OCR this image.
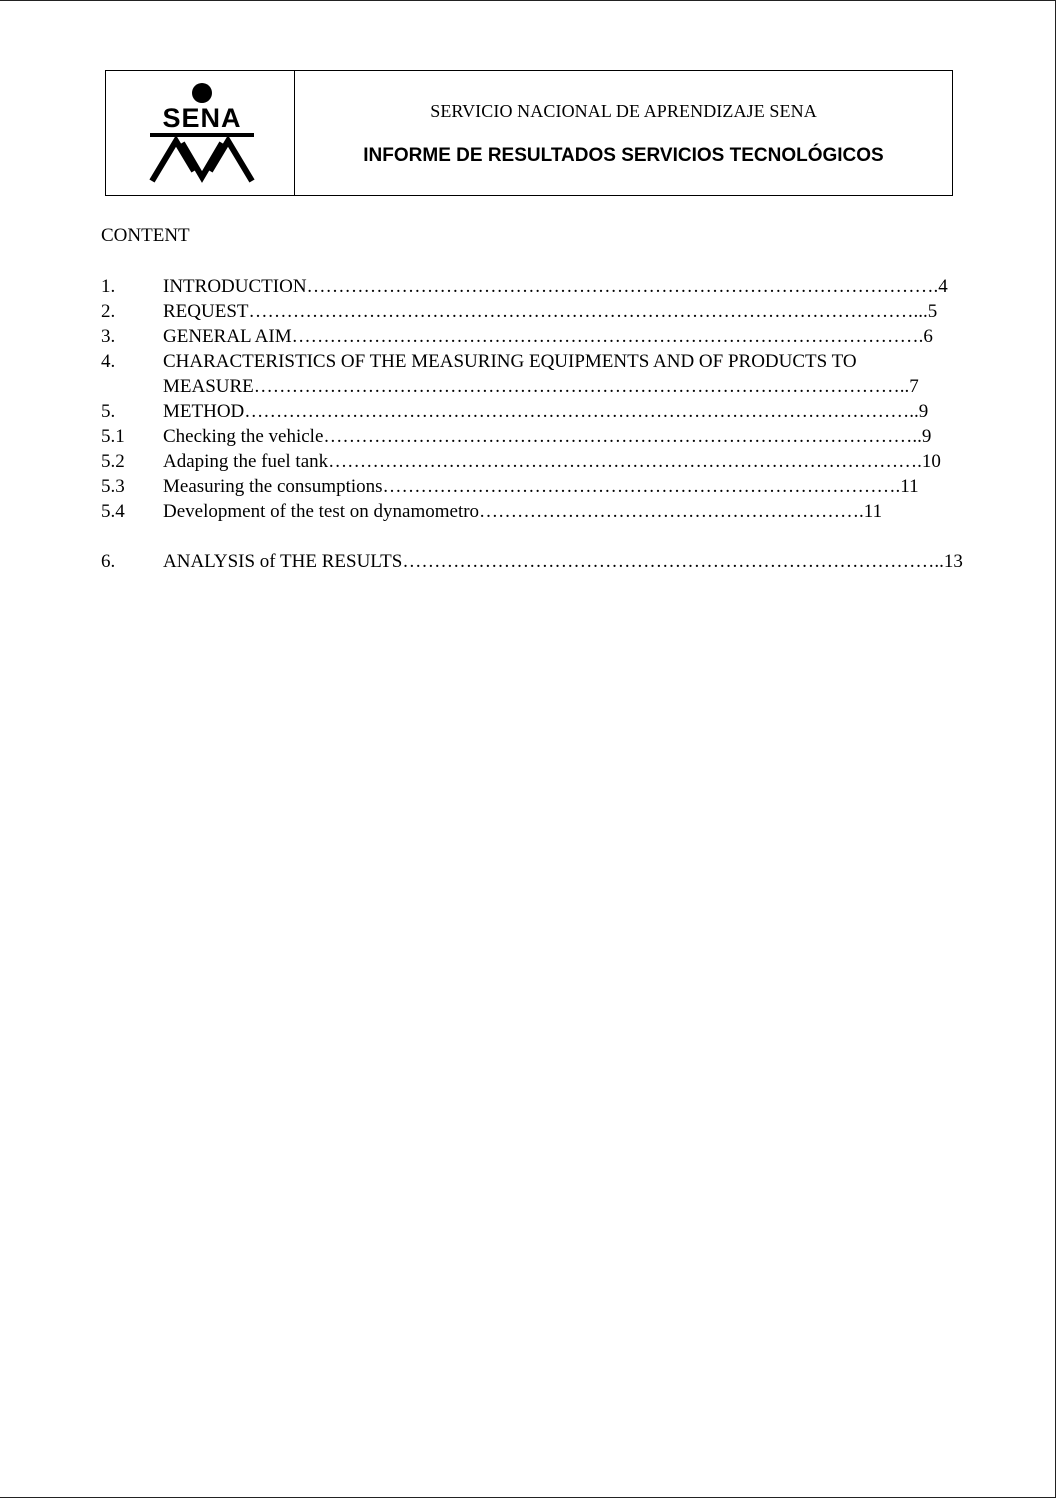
SENA	SERVICIO NACIONAL DE APRENDIZAJE SENA
INFORME DE RESULTADOS SERVICIOS TECNOLÓGICOS
CONTENT
1.	INTRODUCTION……………………………………………………………………………………….4
2.	REQUEST……………………………………………………………………………………………...5
3.	GENERAL AIM……………………………………………………………………………………….6
4.	CHARACTERISTICS OF THE MEASURING EQUIPMENTS AND OF PRODUCTS TO
MEASURE…………………………………………………………………………………………..7
5.	METHOD……………………………………………………………………………………………..9
5.1	Checking the vehicle…………………………………………………………………………………..9
5.2	Adaping the fuel tank………………………………………………………………………………….10
5.3	Measuring the consumptions……………………………………………………………………….11
5.4	Development of the test on dynamometro…………………………………………………….11
6.	ANALYSIS of THE RESULTS…………………………………………………………………………..13
